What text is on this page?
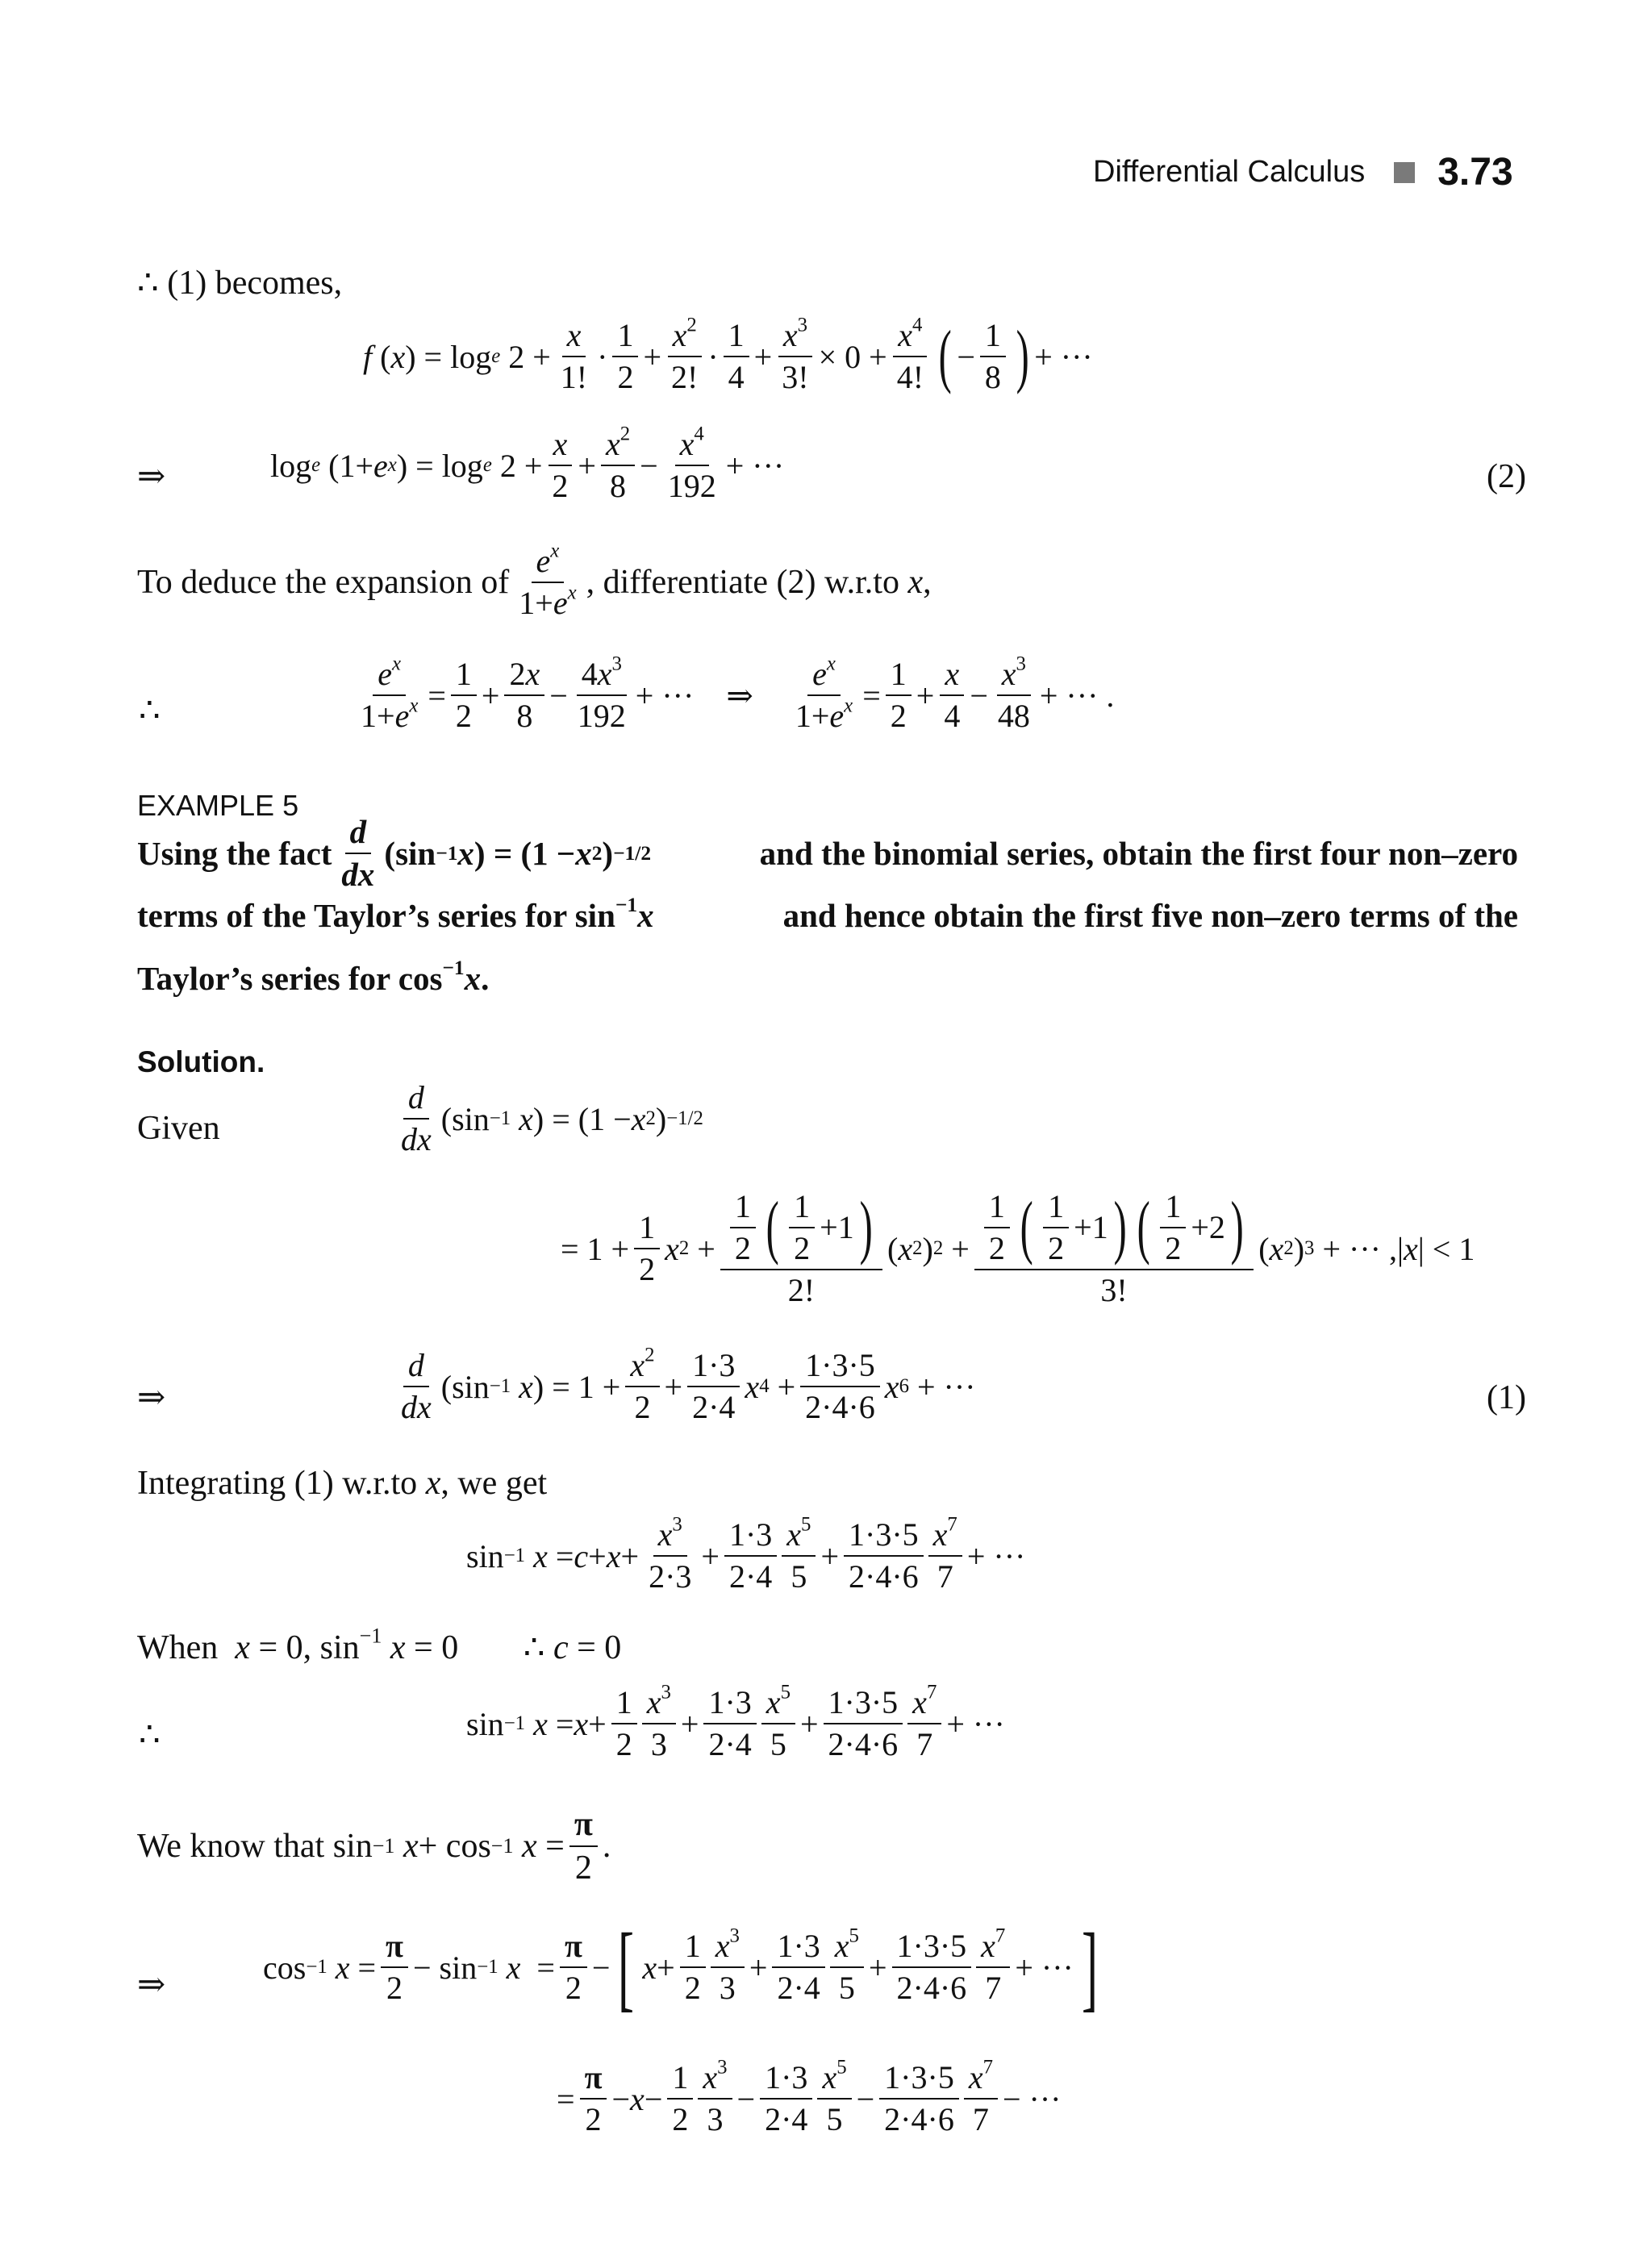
Differential Calculus 3.73
∴ (1) becomes,
f ( x ) = log e $2 + \frac{x}{1!} \cdot \frac{1}{2} + \frac{x^2}{2!} \cdot \frac{1}{4} + \frac{x^3}{3!} \times 0 + \frac{x^4}{4!}$ ( − $\frac{1}{8}$ ) + ···
⇒	log e (1+ e x ) = log e $2 + \frac{x}{2} + \frac{x^2}{8} - \frac{x^4}{192}$ + ···	(2)
To deduce the expansion of $\frac{e^x}{1+e^x}$ , differentiate (2) w.r.to
x ,
∴	$\frac{e^x}{1+e^x} = \frac{1}{2} + \frac{2x}{8} - \frac{4x^3}{192}$ + ··· ⇒ $\frac{e^x}{1+e^x} = \frac{1}{2} + \frac{x}{4} - \frac{x^3}{48}$ + ··· .
EXAMPLE 5
Using the fact $\frac{d}{dx} (\sin -1$ x ) = (1 − x 2 ) −1/2	and the binomial series, obtain the first four non–zero
terms of the Taylor’s series for $\sin^{-1}x$	and hence obtain the first five non–zero terms of the
Taylor’s series for $\cos^{-1}x$.
Solution.
Given	$\frac{d}{dx} (\sin -1$
x ) = (1 − x 2 ) −1/2
= $1 + \frac{1}{2}$ x $2 + \frac{\frac{1}{2} ( \frac{1}{2} +1 )}{2!}$ ( x 2 ) $2 + \frac{\frac{1}{2} ( \frac{1}{2} +1 ) ( \frac{1}{2} +2 )}{3!}$ ( x 2 ) 3 + ··· ,| x | < 1
⇒	$\frac{d}{dx} (\sin -1$
x ) = $1 + \frac{x^2}{2} + \frac{1\cdot 3}{2\cdot 4}$ x $4 + \frac{1\cdot 3\cdot 5}{2\cdot 4\cdot 6}$ x 6 + ···	(1)
Integrating (1) w.r.to x, we get
sin −1
$x = c + x + \frac{x^3}{2\cdot 3} + \frac{1\cdot 3}{2\cdot 4} \frac{x^5}{5} + \frac{1\cdot 3\cdot 5}{2\cdot 4\cdot 6} \frac{x^7}{7}$ + ···
When x = 0, $\sin^{-1} x = 0$ ∴ c = 0
∴	sin −1
$x = x + \frac{1}{2} \frac{x^3}{3} + \frac{1\cdot 3}{2\cdot 4} \frac{x^5}{5} + \frac{1\cdot 3\cdot 5}{2\cdot 4\cdot 6} \frac{x^7}{7}$ + ···
We know that sin −1
x + cos −1
$x = \frac{\pi}{2}$ .
⇒	cos −1
$x = \frac{\pi}{2} - \sin -1$
$x = \frac{\pi}{2}$ − [ $x + \frac{1}{2} \frac{x^3}{3} + \frac{1\cdot 3}{2\cdot 4} \frac{x^5}{5} + \frac{1\cdot 3\cdot 5}{2\cdot 4\cdot 6} \frac{x^7}{7}$ + ··· ]
= $\frac{\pi}{2} - x - \frac{1}{2} \frac{x^3}{3} - \frac{1\cdot 3}{2\cdot 4} \frac{x^5}{5} - \frac{1\cdot 3\cdot 5}{2\cdot 4\cdot 6} \frac{x^7}{7}$ − ···
